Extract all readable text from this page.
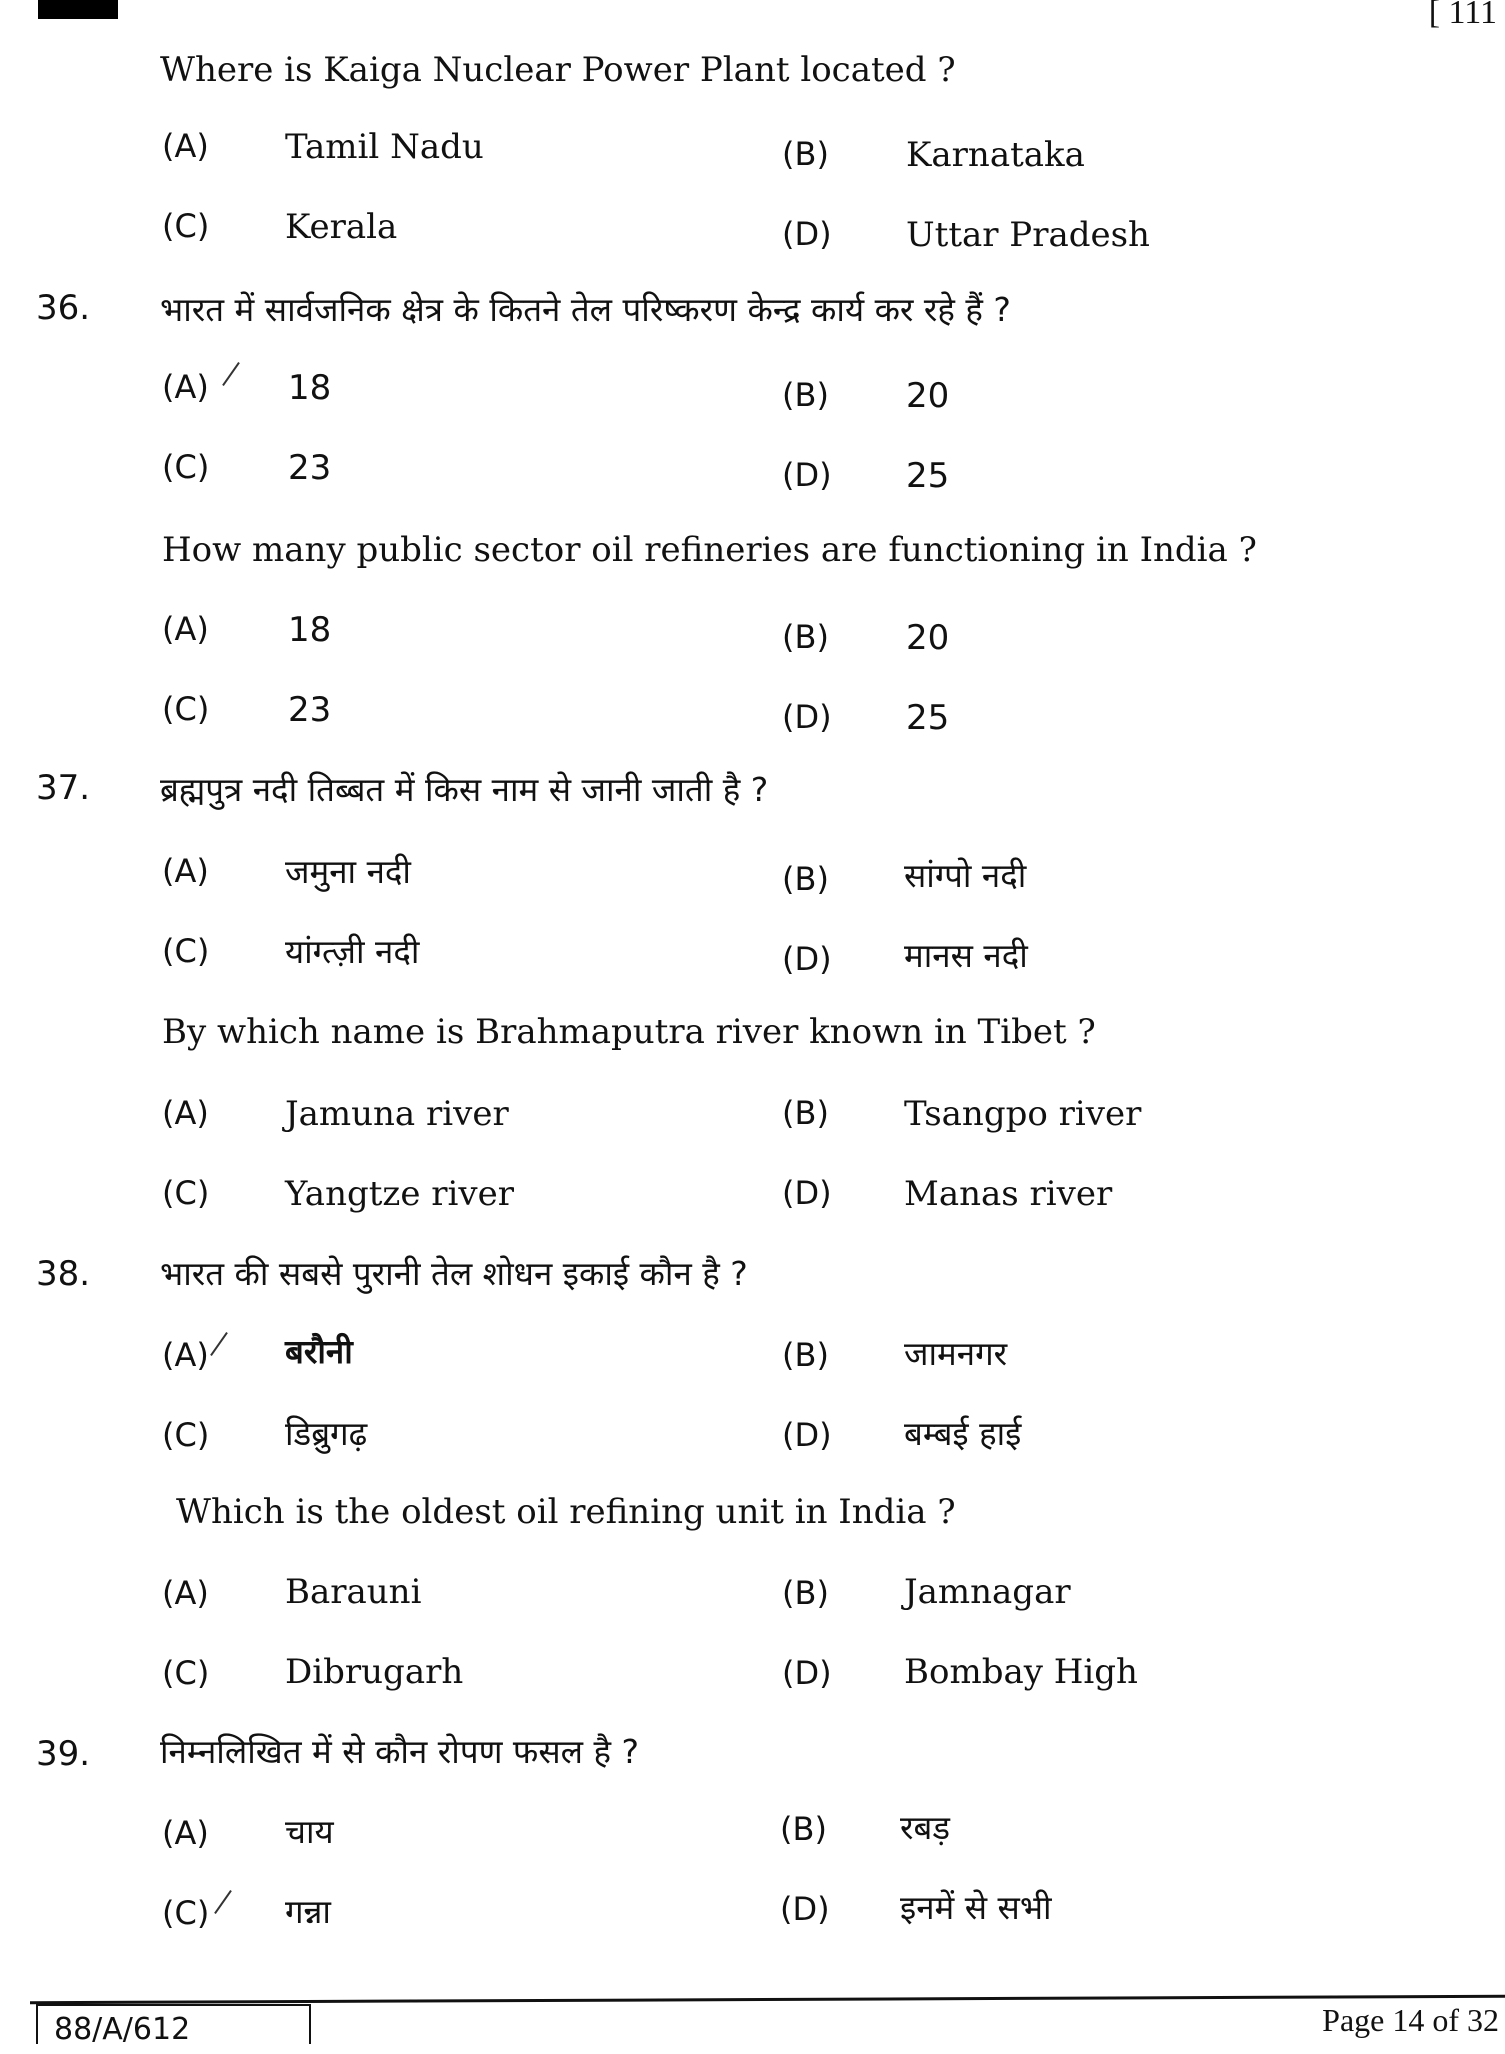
[ 111
Where is Kaiga Nuclear Power Plant located ?
(A) Tamil Nadu	(B) Karnataka
(C) Kerala	(D) Uttar Pradesh
36. भारत में सार्वजनिक क्षेत्र के कितने तेल परिष्करण केन्द्र कार्य कर रहे हैं ?
(A) 18	(B) 20
(C) 23	(D) 25
How many public sector oil refineries are functioning in India ?
(A) 18	(B) 20
(C) 23	(D) 25
37. ब्रह्मपुत्र नदी तिब्बत में किस नाम से जानी जाती है ?
(A) जमुना नदी	(B) सांग्पो नदी
(C) यांग्त्ज़ी नदी	(D) मानस नदी
By which name is Brahmaputra river known in Tibet ?
(A) Jamuna river	(B) Tsangpo river
(C) Yangtze river	(D) Manas river
38. भारत की सबसे पुरानी तेल शोधन इकाई कौन है ?
(A) बरौनी	(B) जामनगर
(C) डिब्रुगढ़	(D) बम्बई हाई
Which is the oldest oil refining unit in India ?
(A) Barauni	(B) Jamnagar
(C) Dibrugarh	(D) Bombay High
39. निम्नलिखित में से कौन रोपण फसल है ?
(A) चाय	(B) रबड़
(C) गन्ना	(D) इनमें से सभी
88/A/612	Page 14 of 32
